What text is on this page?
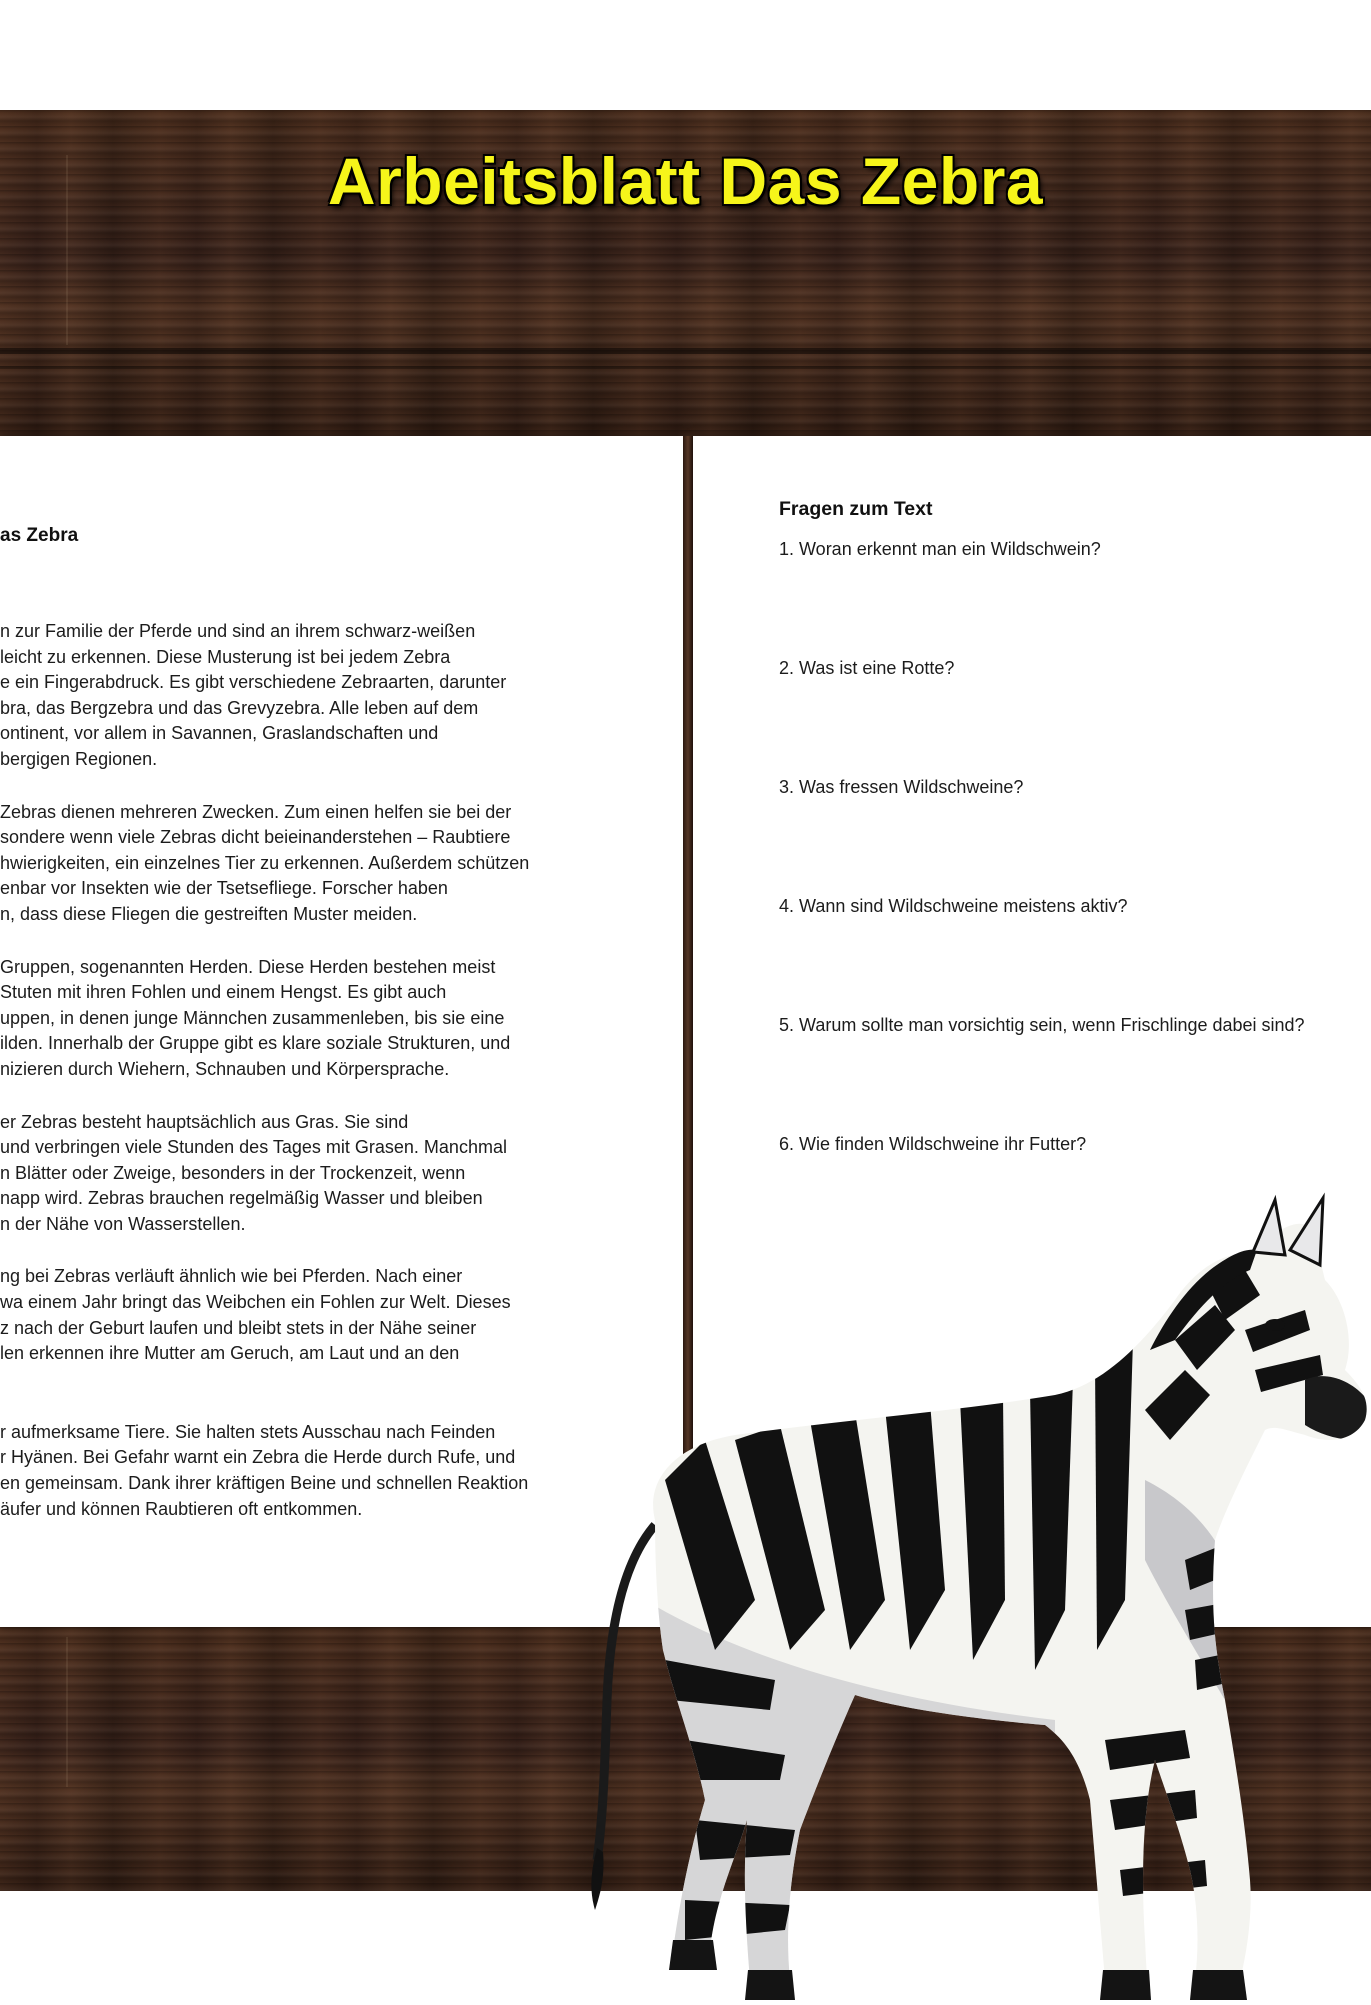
Arbeitsblatt Das Zebra
as Zebra

n zur Familie der Pferde und sind an ihrem schwarz-weißen
leicht zu erkennen. Diese Musterung ist bei jedem Zebra
e ein Fingerabdruck. Es gibt verschiedene Zebraarten, darunter
bra, das Bergzebra und das Grevyzebra. Alle leben auf dem
ontinent, vor allem in Savannen, Graslandschaften und
bergigen Regionen.

Zebras dienen mehreren Zwecken. Zum einen helfen sie bei der
sondere wenn viele Zebras dicht beieinanderstehen – Raubtiere
hwierigkeiten, ein einzelnes Tier zu erkennen. Außerdem schützen
enbar vor Insekten wie der Tsetsefliege. Forscher haben
n, dass diese Fliegen die gestreiften Muster meiden.

Gruppen, sogenannten Herden. Diese Herden bestehen meist
Stuten mit ihren Fohlen und einem Hengst. Es gibt auch
uppen, in denen junge Männchen zusammenleben, bis sie eine
ilden. Innerhalb der Gruppe gibt es klare soziale Strukturen, und
nizieren durch Wiehern, Schnauben und Körpersprache.

er Zebras besteht hauptsächlich aus Gras. Sie sind
und verbringen viele Stunden des Tages mit Grasen. Manchmal
n Blätter oder Zweige, besonders in der Trockenzeit, wenn
napp wird. Zebras brauchen regelmäßig Wasser und bleiben
n der Nähe von Wasserstellen.

ng bei Zebras verläuft ähnlich wie bei Pferden. Nach einer
wa einem Jahr bringt das Weibchen ein Fohlen zur Welt. Dieses
z nach der Geburt laufen und bleibt stets in der Nähe seiner
len erkennen ihre Mutter am Geruch, am Laut und an den

r aufmerksame Tiere. Sie halten stets Ausschau nach Feinden
r Hyänen. Bei Gefahr warnt ein Zebra die Herde durch Rufe, und
en gemeinsam. Dank ihrer kräftigen Beine und schnellen Reaktion
äufer und können Raubtieren oft entkommen.

Fragen zum Text
1. Woran erkennt man ein Wildschwein?
2. Was ist eine Rotte?
3. Was fressen Wildschweine?
4. Wann sind Wildschweine meistens aktiv?
5. Warum sollte man vorsichtig sein, wenn Frischlinge dabei sind?
6. Wie finden Wildschweine ihr Futter?
